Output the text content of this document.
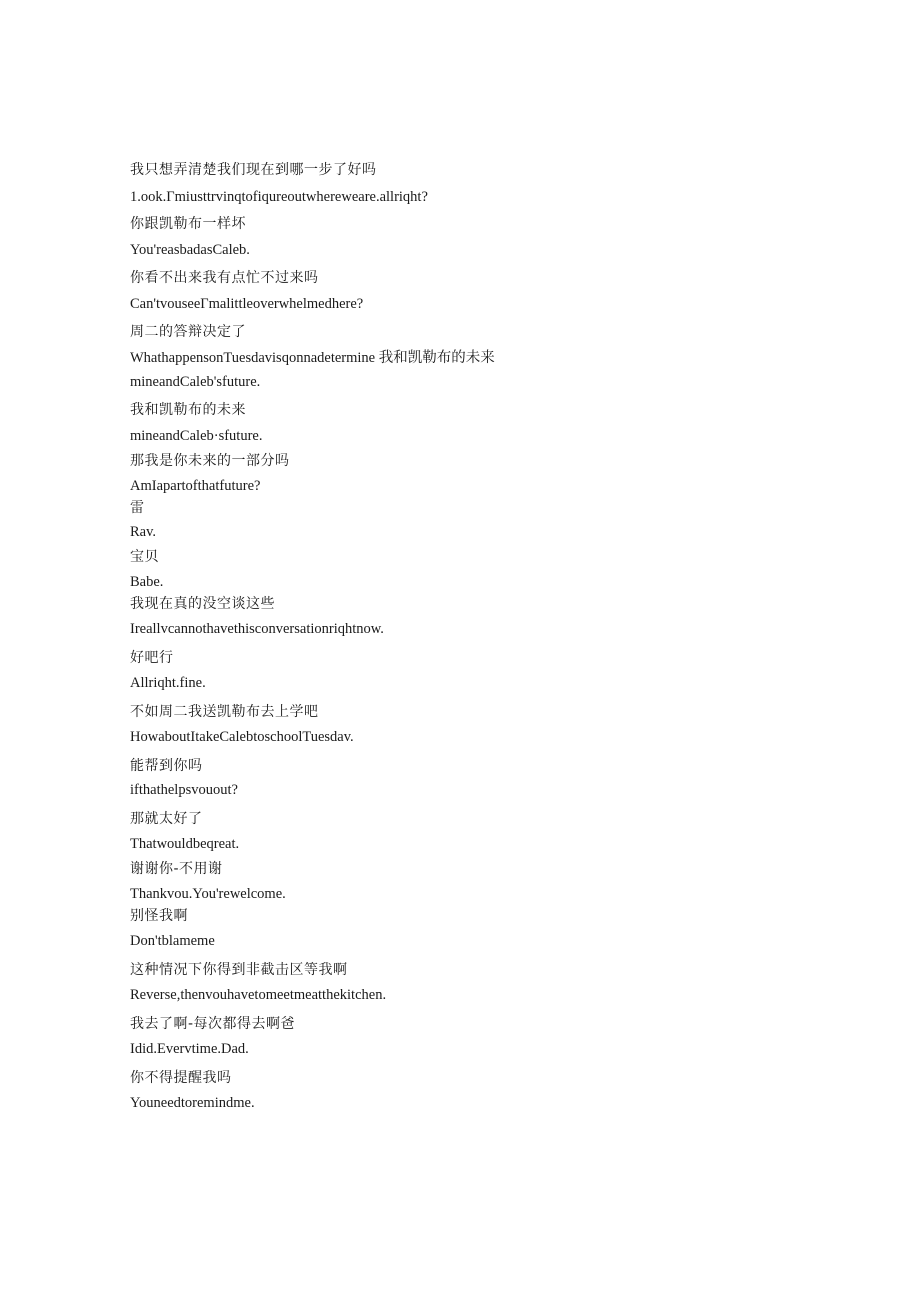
我只想弄清楚我们现在到哪一步了好吗
1.ook.Γmiusttrvinqtofiqureoutwhereweare.allriqht?
你跟凯勒布一样坏
You'reasbadasCaleb.
你看不出来我有点忙不过来吗
Can'tvouseeΓmalittleoverwhelmedhere?
周二的答辩决定了
WhathappensonTuesdavisqonnadetermine 我和凯勒布的未来
mineandCaleb'sfuture.
我和凯勒布的未来
mineandCaleb·sfuture.
那我是你未来的一部分吗
AmIapartofthatfuture?
雷
Rav.
宝贝
Babe.
我现在真的没空谈这些
Ireallvcannothavethisconversationriqhtnow.
好吧行
Allriqht.fine.
不如周二我送凯勒布去上学吧
HowaboutItakeCalebtoschoolTuesdav.
能帮到你吗
ifthathelpsvouout?
那就太好了
Thatwouldbeqreat.
谢谢你-不用谢
Thankvou.You'rewelcome.
别怪我啊
Don'tblameme
这种情况下你得到非截击区等我啊
Reverse,thenvouhavetomeetmeatthekitchen.
我去了啊-每次都得去啊爸
Idid.Evervtime.Dad.
你不得提醒我吗
Youneedtoremindme.
